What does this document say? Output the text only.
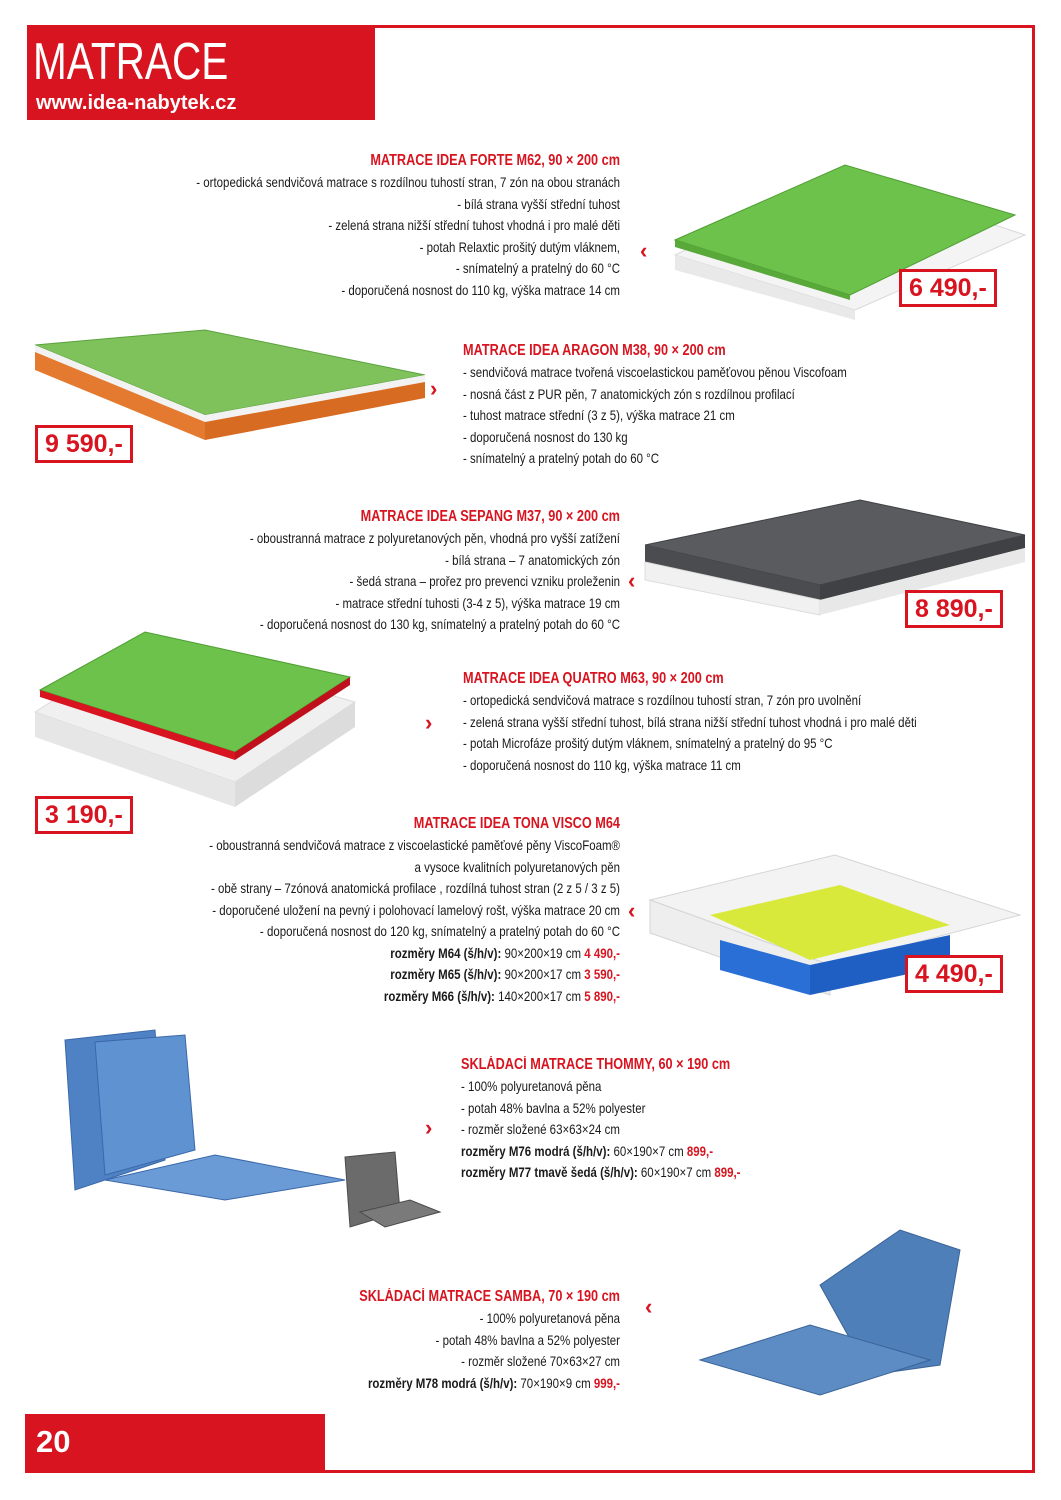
MATRACE
www.idea-nabytek.cz
20
MATRACE IDEA FORTE M62, 90 × 200 cm
- ortopedická sendvičová matrace s rozdílnou tuhostí stran, 7 zón na obou stranách
- bílá strana vyšší střední tuhost
- zelená strana nižší střední tuhost vhodná i pro malé děti
- potah Relaxtic prošitý dutým vláknem,
- snímatelný a pratelný do 60 °C
- doporučená nosnost do 110 kg, výška matrace 14 cm
‹
6 490,-
9 590,-
›
MATRACE IDEA ARAGON M38, 90 × 200 cm
- sendvičová matrace tvořená viscoelastickou paměťovou pěnou Viscofoam
- nosná část z PUR pěn, 7 anatomických zón s rozdílnou profilací
- tuhost matrace střední (3 z 5), výška matrace 21 cm
- doporučená nosnost do 130 kg
- snímatelný a pratelný potah do 60 °C
MATRACE IDEA SEPANG M37, 90 × 200 cm
- oboustranná matrace z polyuretanových pěn, vhodná pro vyšší zatížení
- bílá strana – 7 anatomických zón
- šedá strana – prořez pro prevenci vzniku proleženin
- matrace střední tuhosti (3-4 z 5), výška matrace 19 cm
- doporučená nosnost do 130 kg, snímatelný a pratelný potah do 60 °C
‹
8 890,-
›
MATRACE IDEA QUATRO M63, 90 × 200 cm
- ortopedická sendvičová matrace s rozdílnou tuhostí stran, 7 zón pro uvolnění
- zelená strana vyšší střední tuhost, bílá strana nižší střední tuhost vhodná i pro malé děti
- potah Microfáze prošitý dutým vláknem, snímatelný a pratelný do 95 °C
- doporučená nosnost do 110 kg, výška matrace 11 cm
3 190,-	MATRACE IDEA TONA VISCO M64
- oboustranná sendvičová matrace z viscoelastické paměťové pěny ViscoFoam®
a vysoce kvalitních polyuretanových pěn
- obě strany – 7zónová anatomická profilace , rozdílná tuhost stran (2 z 5 / 3 z 5)
- doporučené uložení na pevný i polohovací lamelový rošt, výška matrace 20 cm
- doporučená nosnost do 120 kg, snímatelný a pratelný potah do 60 °C
rozměry M64 (š/h/v): 90×200×19 cm 4 490,-
rozměry M65 (š/h/v): 90×200×17 cm 3 590,-
rozměry M66 (š/h/v): 140×200×17 cm 5 890,-
‹
4 490,-
›
SKLÁDACÍ MATRACE THOMMY, 60 × 190 cm
- 100% polyuretanová pěna
- potah 48% bavlna a 52% polyester
- rozměr složené 63×63×24 cm
rozměry M76 modrá (š/h/v): 60×190×7 cm 899,-
rozměry M77 tmavě šedá (š/h/v): 60×190×7 cm 899,-
SKLÁDACÍ MATRACE SAMBA, 70 × 190 cm
- 100% polyuretanová pěna
- potah 48% bavlna a 52% polyester
- rozměr složené 70×63×27 cm
rozměry M78 modrá (š/h/v): 70×190×9 cm 999,-
‹
